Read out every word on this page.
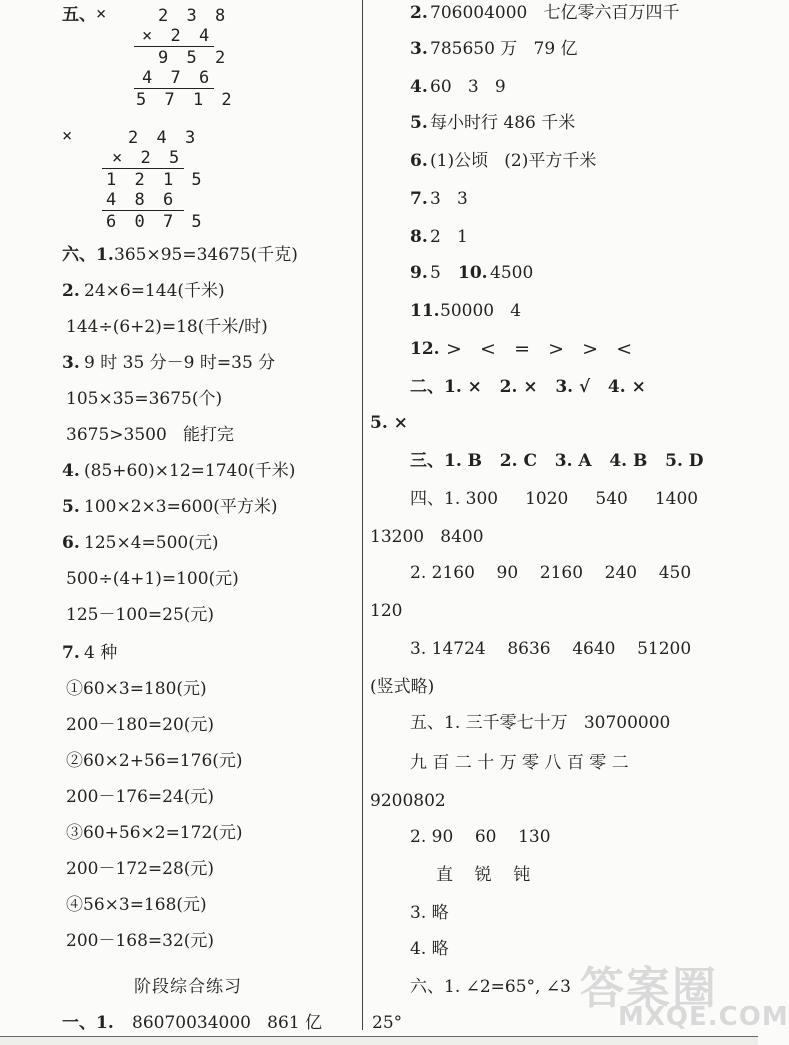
五、 ×	2 3 8
× 2 4
9 5 2
4 7 6
5 7 1 2
×	2 4 3
× 2 5
1 2 1 5
4 8 6
6 0 7 5
六、1. 365×95=34675(千克)
2. 24×6=144(千米)
144÷(6+2)=18(千米/时)
3. 9 时 35 分－9 时=35 分
105×35=3675(个)
3675>3500   能打完
4. (85+60)×12=1740(千米)
5. 100×2×3=600(平方米)
6. 125×4=500(元)
500÷(4+1)=100(元)
125－100=25(元)
7. 4 种
①60×3=180(元)
200－180=20(元)
②60×2+56=176(元)
200－176=24(元)
③60+56×2=172(元)
200－172=28(元)
④56×3=168(元)
200－168=32(元)
阶段综合练习
一、1. 86070034000   861 亿
2. 706004000   七亿零六百万四千
3. 785650 万   79 亿
4. 60   3   9
5. 每小时行 486 千米
6. (1)公顷   (2)平方千米
7. 3   3
8. 2   1
9. 5 10. 4500
11. 50000   4
12. >   <   =   >   >   <
二、1. ×   2. ×   3. √   4. ×
5. ×
三、1. B   2. C   3. A   4. B   5. D
四、1. 300     1020     540     1400
13200   8400
2. 2160    90    2160    240    450
120
3. 14724    8636    4640    51200
(竖式略)
五、1. 三千零七十万   30700000
九 百 二 十 万 零 八 百 零 二
9200802
2. 90    60    130
直    锐    钝
3. 略
4. 略
六、1. ∠2=65°, ∠3
25°
答案圈
MXQE.COM
